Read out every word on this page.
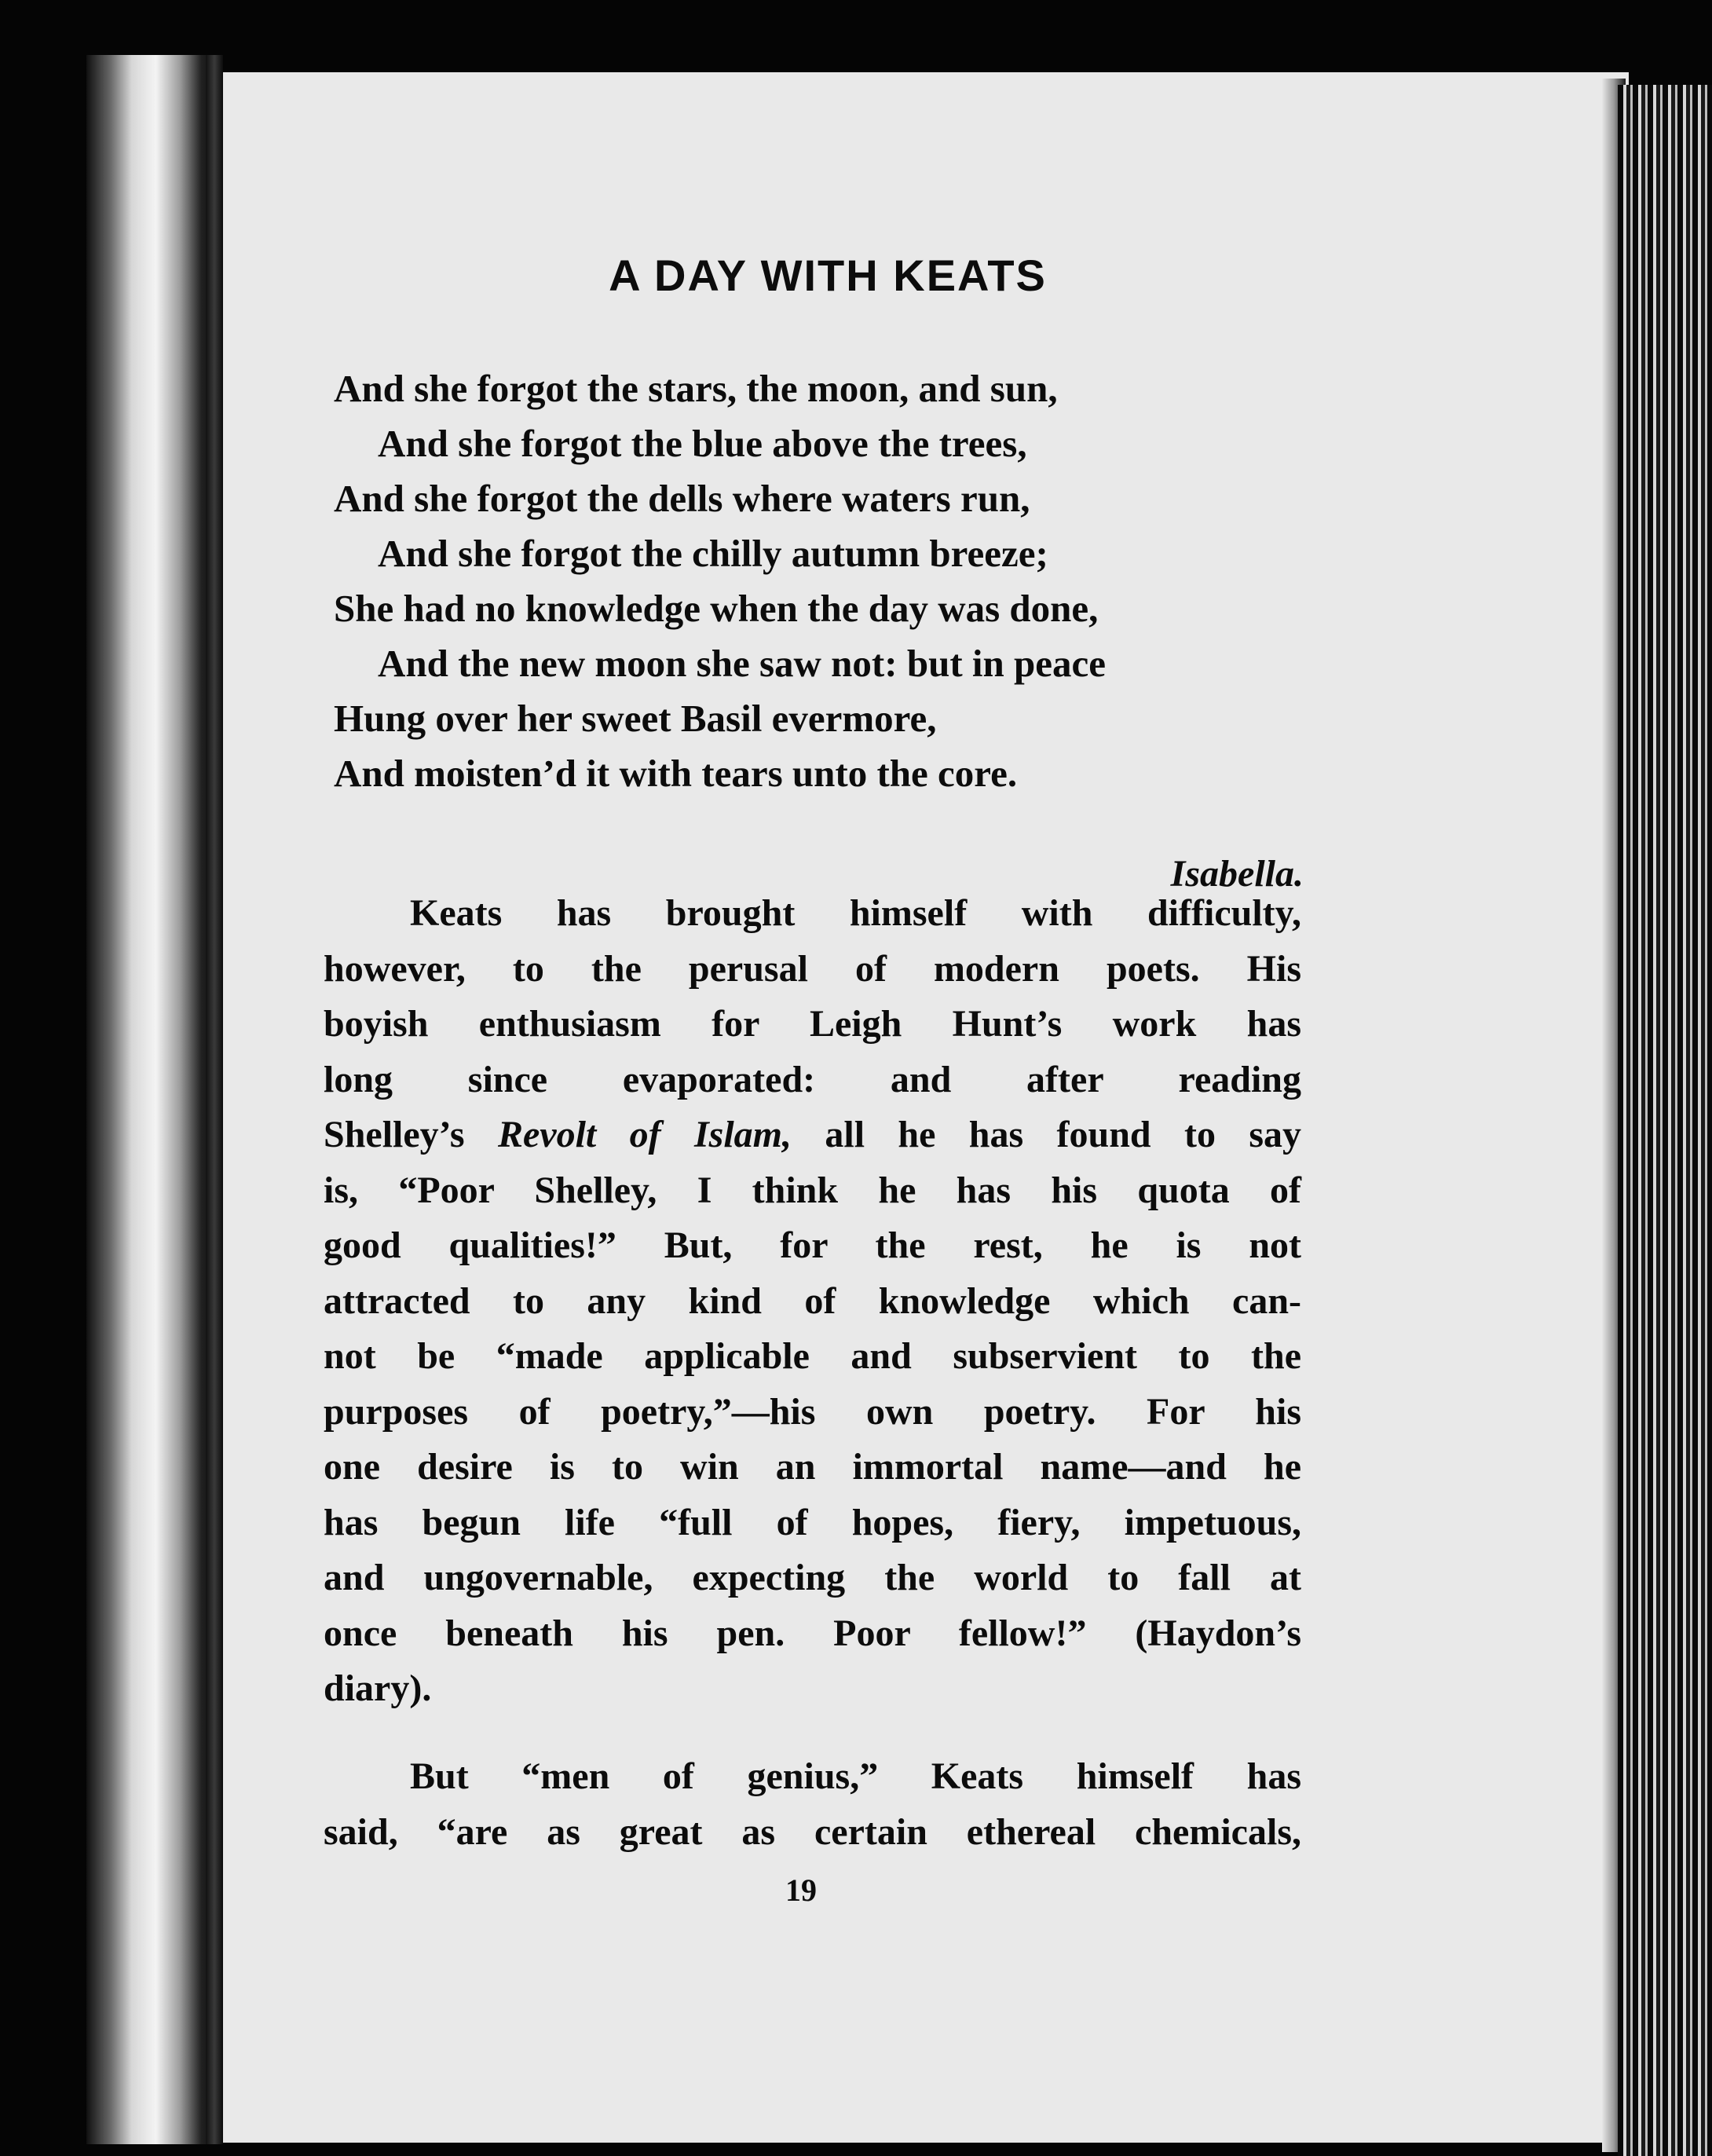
A DAY WITH KEATS
And she forgot the stars, the moon, and sun,
And she forgot the blue above the trees,
And she forgot the dells where waters run,
And she forgot the chilly autumn breeze;
She had no knowledge when the day was done,
And the new moon she saw not: but in peace
Hung over her sweet Basil evermore,
And moisten’d it with tears unto the core.
Isabella.
Keats has brought himself with difficulty,
however, to the perusal of modern poets. His
boyish enthusiasm for Leigh Hunt’s work has
long since evaporated: and after reading
Shelley’s Revolt of Islam, all he has found to say
is, “Poor Shelley, I think he has his quota of
good qualities!” But, for the rest, he is not
attracted to any kind of knowledge which can-
not be “made applicable and subservient to the
purposes of poetry,”—his own poetry. For his
one desire is to win an immortal name—and he
has begun life “full of hopes, fiery, impetuous,
and ungovernable, expecting the world to fall at
once beneath his pen. Poor fellow!” (Haydon’s
diary).
But “men of genius,” Keats himself has
said, “are as great as certain ethereal chemicals,
19
